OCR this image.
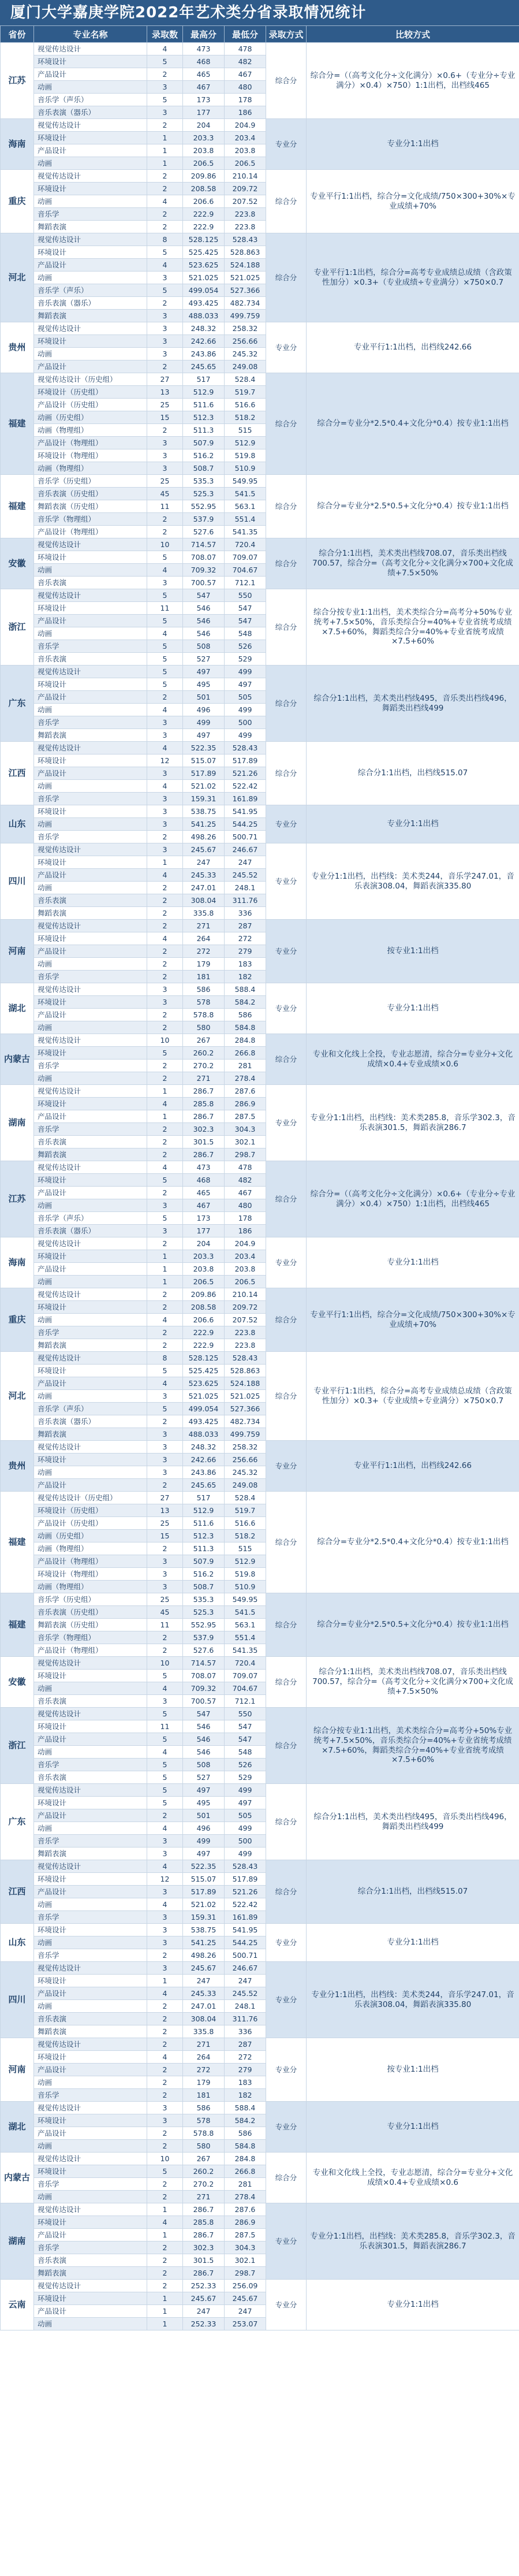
厦门大学嘉庚学院2022年艺术类分省录取情况统计
省份	专业名称	录取数	最高分	最低分	录取方式	比较方式
江苏	视觉传达设计	4	473	478	综合分	综合分=（（高考文化分÷文化满分）×0.6+（专业分÷专业满分）×0.4）×750）1:1出档，出档线465
	环境设计	5	468	482		
	产品设计	2	465	467		
	动画	3	467	480		
	音乐学（声乐）	5	173	178		
	音乐表演（器乐）	3	177	186		
海南	视觉传达设计	2	204	204.9	专业分	专业分1:1出档
	环境设计	1	203.3	203.4		
	产品设计	1	203.8	203.8		
	动画	1	206.5	206.5		
重庆	视觉传达设计	2	209.86	210.14	综合分	专业平行1:1出档，综合分=文化成绩/750×300+30%×专业成绩+70%
	环境设计	2	208.58	209.72		
	动画	4	206.6	207.52		
	音乐学	2	222.9	223.8		
	舞蹈表演	2	222.9	223.8		
河北	视觉传达设计	8	528.125	528.43	综合分	专业平行1:1出档，综合分=高考专业成绩总成绩（含政策性加分）×0.3+（专业成绩÷专业满分）×750×0.7
	环境设计	5	525.425	528.863		
	产品设计	4	523.625	524.188		
	动画	3	521.025	521.025		
	音乐学（声乐）	5	499.054	527.366		
	音乐表演（器乐）	2	493.425	482.734		
	舞蹈表演	3	488.033	499.759		
贵州	视觉传达设计	3	248.32	258.32	专业分	专业平行1:1出档，出档线242.66
	环境设计	3	242.66	256.66		
	动画	3	243.86	245.32		
	产品设计	2	245.65	249.08		
福建	视觉传达设计（历史组）	27	517	528.4	综合分	综合分=专业分*2.5*0.4+文化分*0.4）按专业1:1出档
	环境设计（历史组）	13	512.9	519.7		
	产品设计（历史组）	25	511.6	516.6		
	动画（历史组）	15	512.3	518.2		
	动画（物理组）	2	511.3	515		
	产品设计（物理组）	3	507.9	512.9		
	环境设计（物理组）	3	516.2	519.8		
	动画（物理组）	3	508.7	510.9		
福建	音乐学（历史组）	25	535.3	549.95	综合分	综合分=专业分*2.5*0.5+文化分*0.4）按专业1:1出档
	音乐表演（历史组）	45	525.3	541.5		
	舞蹈表演（历史组）	11	552.95	563.1		
	音乐学（物理组）	2	537.9	551.4		
	产品设计（物理组）	2	527.6	541.35		
安徽	视觉传达设计	10	714.57	720.4	综合分	综合分1:1出档，美术类出档线708.07，音乐类出档线700.57，综合分=（高考文化分÷文化满分×700+文化成绩+7.5×50%
	环境设计	5	708.07	709.07		
	动画	4	709.32	704.67		
	音乐表演	3	700.57	712.1		
浙江	视觉传达设计	5	547	550	综合分	综合分按专业1:1出档，美术类综合分=高考分+50%专业统考+7.5×50%，音乐类综合分=40%+专业省统考成绩×7.5+60%，舞蹈类综合分=40%+专业省统考成绩×7.5+60%
	环境设计	11	546	547		
	产品设计	5	546	547		
	动画	4	546	548		
	音乐学	5	508	526		
	音乐表演	5	527	529		
广东	视觉传达设计	5	497	499	综合分	综合分1:1出档，美术类出档线495，音乐类出档线496，舞蹈类出档线499
	环境设计	5	495	497		
	产品设计	2	501	505		
	动画	4	496	499		
	音乐学	3	499	500		
	舞蹈表演	3	497	499		
江西	视觉传达设计	4	522.35	528.43	综合分	综合分1:1出档，出档线515.07
	环境设计	12	515.07	517.89		
	产品设计	3	517.89	521.26		
	动画	4	521.02	522.42		
	音乐学	3	159.31	161.89		
山东	环境设计	3	538.75	541.95	专业分	专业分1:1出档
	动画	3	541.25	544.25		
	音乐学	2	498.26	500.71		
四川	视觉传达设计	3	245.67	246.67	专业分	专业分1:1出档，出档线：美术类244，音乐学247.01，音乐表演308.04，舞蹈表演335.80
	环境设计	1	247	247		
	产品设计	4	245.33	245.52		
	动画	2	247.01	248.1		
	音乐表演	2	308.04	311.76		
	舞蹈表演	2	335.8	336		
河南	视觉传达设计	2	271	287	专业分	按专业1:1出档
	环境设计	4	264	272		
	产品设计	2	272	279		
	动画	2	179	183		
	音乐学	2	181	182		
湖北	视觉传达设计	3	586	588.4	专业分	专业分1:1出档
	环境设计	3	578	584.2		
	产品设计	2	578.8	586		
	动画	2	580	584.8		
内蒙古	视觉传达设计	10	267	284.8	综合分	专业和文化线上全投，专业志愿清，综合分=专业分+文化成绩×0.4+专业成绩×0.6
	环境设计	5	260.2	266.8		
	音乐学	2	270.2	281		
	动画	2	271	278.4		
湖南	视觉传达设计	1	286.7	287.6	专业分	专业分1:1出档，出档线：美术类285.8，音乐学302.3，音乐表演301.5，舞蹈表演286.7
	环境设计	4	285.8	286.9		
	产品设计	1	286.7	287.5		
	音乐学	2	302.3	304.3		
	音乐表演	2	301.5	302.1		
	舞蹈表演	2	286.7	298.7		
江苏	视觉传达设计	4	473	478	综合分	综合分=（（高考文化分÷文化满分）×0.6+（专业分÷专业满分）×0.4）×750）1:1出档，出档线465
	环境设计	5	468	482		
	产品设计	2	465	467		
	动画	3	467	480		
	音乐学（声乐）	5	173	178		
	音乐表演（器乐）	3	177	186		
海南	视觉传达设计	2	204	204.9	专业分	专业分1:1出档
	环境设计	1	203.3	203.4		
	产品设计	1	203.8	203.8		
	动画	1	206.5	206.5		
重庆	视觉传达设计	2	209.86	210.14	综合分	专业平行1:1出档，综合分=文化成绩/750×300+30%×专业成绩+70%
	环境设计	2	208.58	209.72		
	动画	4	206.6	207.52		
	音乐学	2	222.9	223.8		
	舞蹈表演	2	222.9	223.8		
河北	视觉传达设计	8	528.125	528.43	综合分	专业平行1:1出档，综合分=高考专业成绩总成绩（含政策性加分）×0.3+（专业成绩÷专业满分）×750×0.7
	环境设计	5	525.425	528.863		
	产品设计	4	523.625	524.188		
	动画	3	521.025	521.025		
	音乐学（声乐）	5	499.054	527.366		
	音乐表演（器乐）	2	493.425	482.734		
	舞蹈表演	3	488.033	499.759		
贵州	视觉传达设计	3	248.32	258.32	专业分	专业平行1:1出档，出档线242.66
	环境设计	3	242.66	256.66		
	动画	3	243.86	245.32		
	产品设计	2	245.65	249.08		
福建	视觉传达设计（历史组）	27	517	528.4	综合分	综合分=专业分*2.5*0.4+文化分*0.4）按专业1:1出档
	环境设计（历史组）	13	512.9	519.7		
	产品设计（历史组）	25	511.6	516.6		
	动画（历史组）	15	512.3	518.2		
	动画（物理组）	2	511.3	515		
	产品设计（物理组）	3	507.9	512.9		
	环境设计（物理组）	3	516.2	519.8		
	动画（物理组）	3	508.7	510.9		
福建	音乐学（历史组）	25	535.3	549.95	综合分	综合分=专业分*2.5*0.5+文化分*0.4）按专业1:1出档
	音乐表演（历史组）	45	525.3	541.5		
	舞蹈表演（历史组）	11	552.95	563.1		
	音乐学（物理组）	2	537.9	551.4		
	产品设计（物理组）	2	527.6	541.35		
安徽	视觉传达设计	10	714.57	720.4	综合分	综合分1:1出档，美术类出档线708.07，音乐类出档线700.57，综合分=（高考文化分÷文化满分×700+文化成绩+7.5×50%
	环境设计	5	708.07	709.07		
	动画	4	709.32	704.67		
	音乐表演	3	700.57	712.1		
浙江	视觉传达设计	5	547	550	综合分	综合分按专业1:1出档，美术类综合分=高考分+50%专业统考+7.5×50%，音乐类综合分=40%+专业省统考成绩×7.5+60%，舞蹈类综合分=40%+专业省统考成绩×7.5+60%
	环境设计	11	546	547		
	产品设计	5	546	547		
	动画	4	546	548		
	音乐学	5	508	526		
	音乐表演	5	527	529		
广东	视觉传达设计	5	497	499	综合分	综合分1:1出档，美术类出档线495，音乐类出档线496，舞蹈类出档线499
	环境设计	5	495	497		
	产品设计	2	501	505		
	动画	4	496	499		
	音乐学	3	499	500		
	舞蹈表演	3	497	499		
江西	视觉传达设计	4	522.35	528.43	综合分	综合分1:1出档，出档线515.07
	环境设计	12	515.07	517.89		
	产品设计	3	517.89	521.26		
	动画	4	521.02	522.42		
	音乐学	3	159.31	161.89		
山东	环境设计	3	538.75	541.95	专业分	专业分1:1出档
	动画	3	541.25	544.25		
	音乐学	2	498.26	500.71		
四川	视觉传达设计	3	245.67	246.67	专业分	专业分1:1出档，出档线：美术类244，音乐学247.01，音乐表演308.04，舞蹈表演335.80
	环境设计	1	247	247		
	产品设计	4	245.33	245.52		
	动画	2	247.01	248.1		
	音乐表演	2	308.04	311.76		
	舞蹈表演	2	335.8	336		
河南	视觉传达设计	2	271	287	专业分	按专业1:1出档
	环境设计	4	264	272		
	产品设计	2	272	279		
	动画	2	179	183		
	音乐学	2	181	182		
湖北	视觉传达设计	3	586	588.4	专业分	专业分1:1出档
	环境设计	3	578	584.2		
	产品设计	2	578.8	586		
	动画	2	580	584.8		
内蒙古	视觉传达设计	10	267	284.8	综合分	专业和文化线上全投，专业志愿清，综合分=专业分+文化成绩×0.4+专业成绩×0.6
	环境设计	5	260.2	266.8		
	音乐学	2	270.2	281		
	动画	2	271	278.4		
湖南	视觉传达设计	1	286.7	287.6	专业分	专业分1:1出档，出档线：美术类285.8，音乐学302.3，音乐表演301.5，舞蹈表演286.7
	环境设计	4	285.8	286.9		
	产品设计	1	286.7	287.5		
	音乐学	2	302.3	304.3		
	音乐表演	2	301.5	302.1		
	舞蹈表演	2	286.7	298.7		
云南	视觉传达设计	2	252.33	256.09	专业分	专业分1:1出档
	环境设计	1	245.67	245.67		
	产品设计	1	247	247		
	动画	1	252.33	253.07		
